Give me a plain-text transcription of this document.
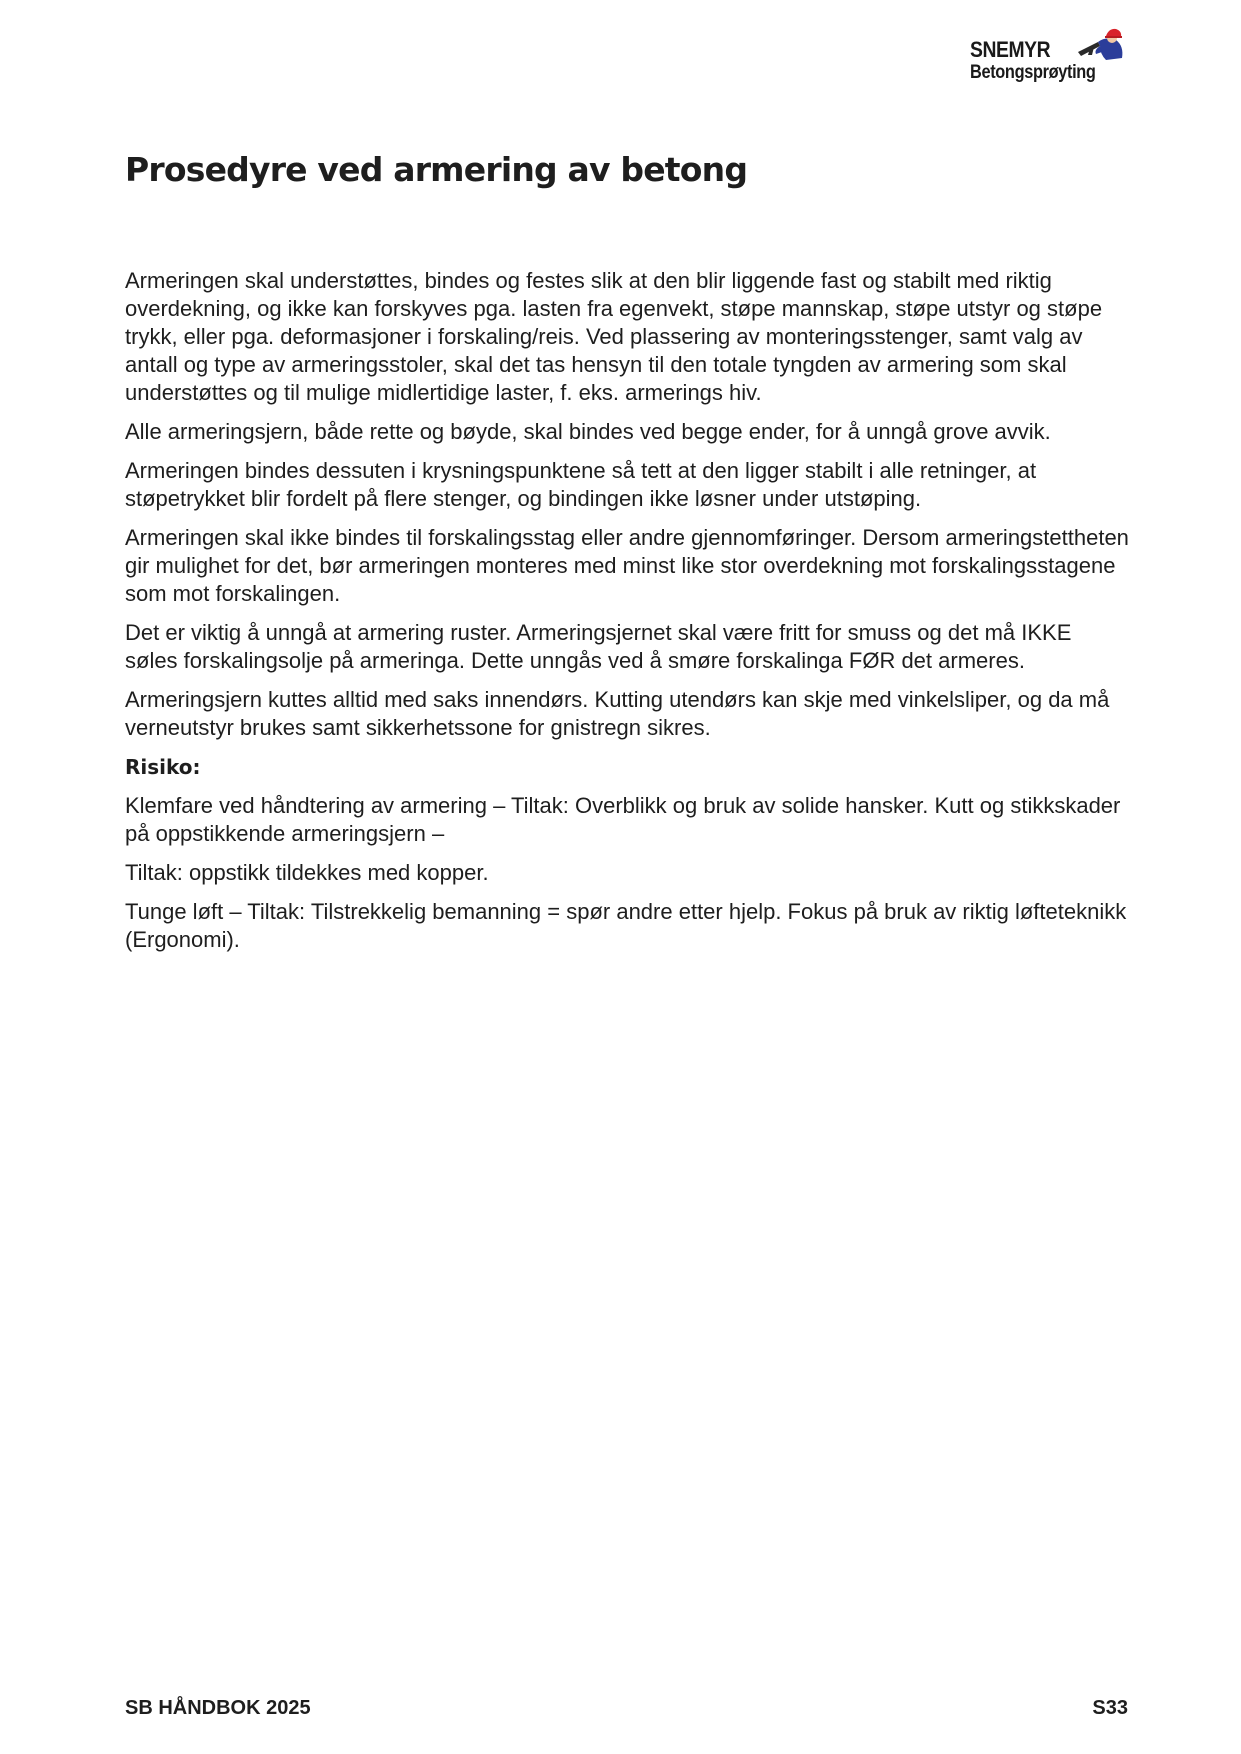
SNEMYR
Betongsprøyting
Prosedyre ved armering av betong

Armeringen skal understøttes, bindes og festes slik at den blir liggende fast og stabilt med riktig overdekning, og ikke kan forskyves pga. lasten fra egenvekt, støpe mannskap, støpe utstyr og støpe trykk, eller pga. deformasjoner i forskaling/reis. Ved plassering av monteringsstenger, samt valg av antall og type av armeringsstoler, skal det tas hensyn til den totale tyngden av armering som skal understøttes og til mulige midlertidige laster, f. eks. armerings hiv.

Alle armeringsjern, både rette og bøyde, skal bindes ved begge ender, for å unngå grove avvik.

Armeringen bindes dessuten i krysningspunktene så tett at den ligger stabilt i alle retninger, at støpetrykket blir fordelt på flere stenger, og bindingen ikke løsner under utstøping.

Armeringen skal ikke bindes til forskalingsstag eller andre gjennomføringer. Dersom armeringstettheten gir mulighet for det, bør armeringen monteres med minst like stor overdekning mot forskalingsstagene som mot forskalingen.

Det er viktig å unngå at armering ruster. Armeringsjernet skal være fritt for smuss og det må IKKE søles forskalingsolje på armeringa. Dette unngås ved å smøre forskalinga FØR det armeres.

Armeringsjern kuttes alltid med saks innendørs. Kutting utendørs kan skje med vinkelsliper, og da må verneutstyr brukes samt sikkerhetssone for gnistregn sikres.

Risiko:

Klemfare ved håndtering av armering – Tiltak: Overblikk og bruk av solide hansker. Kutt og stikkskader på oppstikkende armeringsjern –

Tiltak: oppstikk tildekkes med kopper.

Tunge løft – Tiltak: Tilstrekkelig bemanning = spør andre etter hjelp. Fokus på bruk av riktig løfteteknikk (Ergonomi).

SB HÅNDBOK 2025	S33
